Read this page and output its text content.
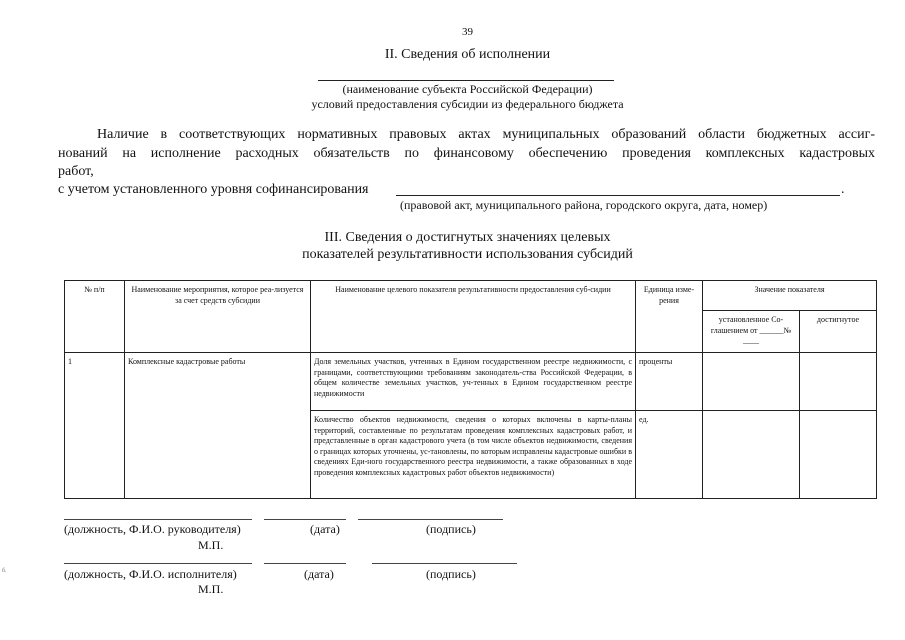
39
II. Сведения об исполнении
(наименование субъекта Российской Федерации)
условий предоставления субсидии из федерального бюджета
Наличие в соответствующих нормативных правовых актах муниципальных образований области бюджетных ассиг-
нований на исполнение расходных обязательств по финансовому обеспечению проведения комплексных кадастровых
работ,
с учетом установленного уровня софинансирования	.
(правовой акт, муниципального района, городского округа, дата, номер)
III. Сведения о достигнутых значениях целевых
показателей результативности использования субсидий
№ п/п	Наименование мероприятия, которое реа-лизуется за счет средств субсидии	Наименование целевого показателя результативности предоставления суб-сидии	Единица изме-рения	Значение показателя	
				установленное Со-глашением от ______№ ____	достигнутое
1	Комплексные кадастровые работы	Доля земельных участков, учтенных в Едином государственном реестре недвижимости, с границами, соответствующими требованиям законодатель-ства Российской Федерации, в общем количестве земельных участков, уч-тенных в Едином государственном реестре недвижимости	проценты		
		Количество объектов недвижимости, сведения о которых включены в карты-планы территорий, составленные по результатам проведения комплексных кадастровых работ, и представленные в орган кадастрового учета (в том числе объектов недвижимости, сведения о границах которых уточнены, ус-тановлены, по которым исправлены кадастровые ошибки в сведениях Еди-ного государственного реестра недвижимости, а также образованных в ходе проведения комплексных кадастровых работ объектов недвижимости)	ед.		
(должность, Ф.И.О. руководителя)	(дата)	(подпись)
М.П.
(должность, Ф.И.О. исполнителя)	(дата)	(подпись)
М.П.
б.
